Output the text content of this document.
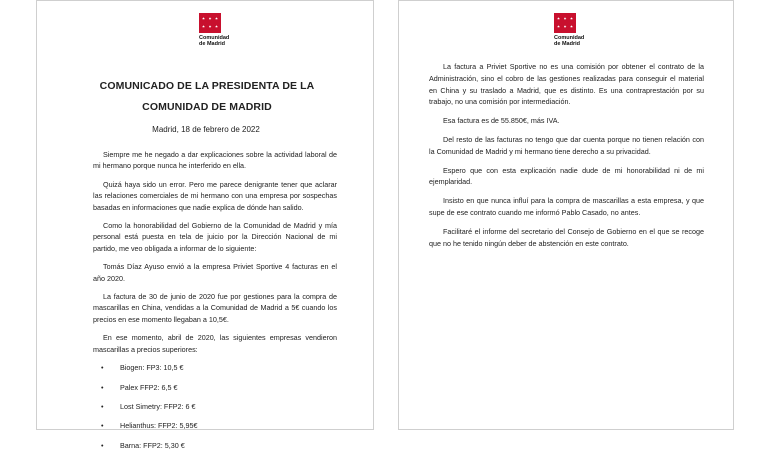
Comunidad
de Madrid
COMUNICADO DE LA PRESIDENTA DE LA COMUNIDAD DE MADRID
Madrid, 18 de febrero de 2022

Siempre me he negado a dar explicaciones sobre la actividad laboral de mi hermano porque nunca he interferido en ella.

Quizá haya sido un error. Pero me parece denigrante tener que aclarar las relaciones comerciales de mi hermano con una empresa por sospechas basadas en informaciones que nadie explica de dónde han salido.

Como la honorabilidad del Gobierno de la Comunidad de Madrid y mía personal está puesta en tela de juicio por la Dirección Nacional de mi partido, me veo obligada a informar de lo siguiente:

Tomás Díaz Ayuso envió a la empresa Priviet Sportive 4 facturas en el año 2020.

La factura de 30 de junio de 2020 fue por gestiones para la compra de mascarillas en China, vendidas a la Comunidad de Madrid a 5€ cuando los precios en ese momento llegaban a 10,5€.

En ese momento, abril de 2020, las siguientes empresas vendieron mascarillas a precios superiores:

•	Biogen: FP3: 10,5 €
•	Palex FFP2: 6,5 €
•	Lost Simetry: FFP2: 6 €
•	Helianthus: FFP2: 5,95€
•	Barna: FFP2: 5,30 €
Comunidad
de Madrid

La factura a Priviet Sportive no es una comisión por obtener el contrato de la Administración, sino el cobro de las gestiones realizadas para conseguir el material en China y su traslado a Madrid, que es distinto. Es una contraprestación por su trabajo, no una comisión por intermediación.

Esa factura es de 55.850€, más IVA.

Del resto de las facturas no tengo que dar cuenta porque no tienen relación con la Comunidad de Madrid y mi hermano tiene derecho a su privacidad.

Espero que con esta explicación nadie dude de mi honorabilidad ni de mi ejemplaridad.

Insisto en que nunca influí para la compra de mascarillas a esta empresa, y que supe de ese contrato cuando me informó Pablo Casado, no antes.

Facilitaré el informe del secretario del Consejo de Gobierno en el que se recoge que no he tenido ningún deber de abstención en este contrato.
